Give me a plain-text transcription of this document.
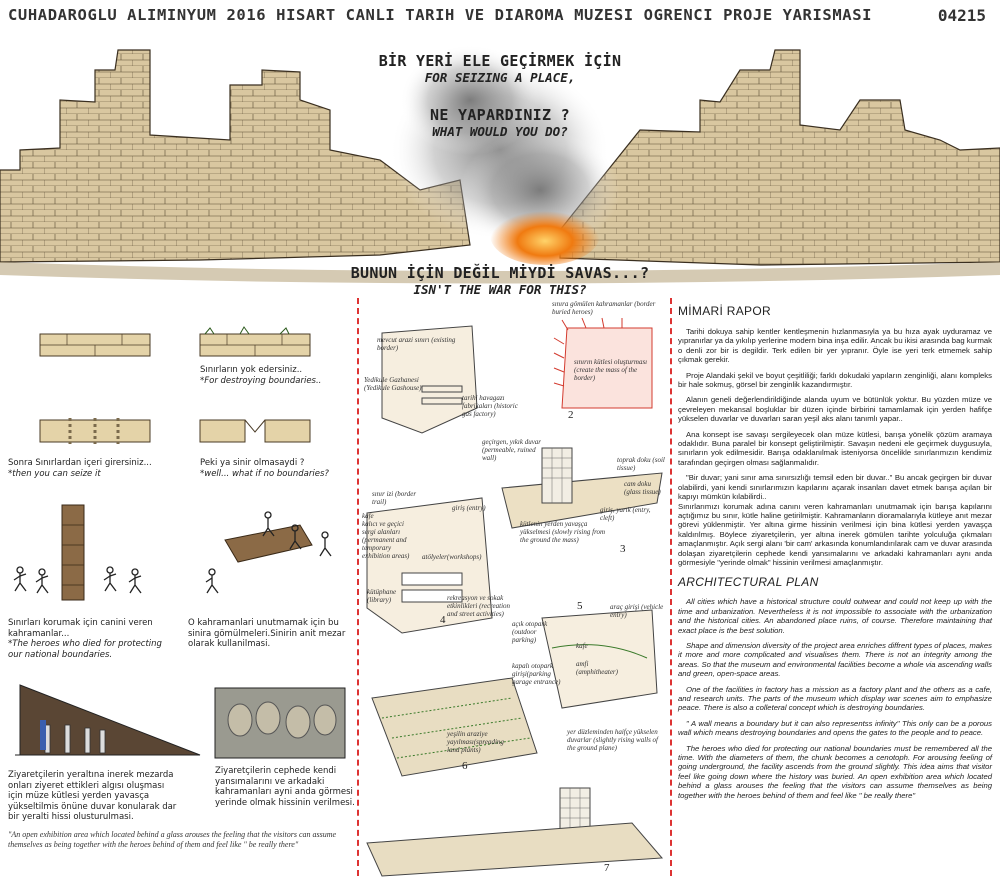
CUHADAROGLU ALIMINYUM 2016 HISART CANLI TARIH VE DIAROMA MUZESI OGRENCI PROJE YARISMASI	04215
BİR YERİ ELE GEÇİRMEK İÇİN
FOR SEIZING A PLACE,
NE YAPARDINIZ ?
WHAT WOULD YOU DO?
BUNUN İÇİN DEĞİL MİYDİ SAVAS...?
ISN'T THE WAR FOR THIS?
Sınırların yok edersiniz..
*For destroying boundaries..
Sonra Sınırlardan içeri girersiniz...
*then you can seize it
Peki ya sinir olmasaydi ?
*well... what if no boundaries?
Sınırları korumak için canini veren kahramanlar...
*The heroes who died for protecting our national boundaries.
O kahramanlari unutmamak için bu sinira gömülmeleri.Sinirin anit mezar olarak kullanilmasi.
Ziyaretçilerin yeraltına inerek mezarda onları ziyeret ettikleri algısı oluşması için müze kütlesi yerden yavasça yükseltilmis önüne duvar konularak dar bir yeralti hissi olusturulmasi.
Ziyaretçilerin cephede kendi yansımalarını ve arkadaki kahramanları ayni anda görmesi yerinde olmak hissinin verilmesi.
"An open exhibition area which located behind a glass arouses the feeling that the visitors can assume themselves as being together with the heroes behind of them and feel like " be really there"
mevcut arazi sınırı (existing border)
Yedikule Gazhanesi (Yedikule Gashouse)
tarihi havagazı fabrikaları (historic gas factory)
sınıra gömülen kahramanlar (border buried heroes)
sınırın kütlesi oluşturması (create the mass of the border)
2
geçirgen, yıkık duvar (permeable, ruined wall)	toprak doku (soil tissue)
cam doku (glass tissue)
giriş, yarık (entry, cleft)
kütlenin yerden yavaşça yükselmesi (slowly rising from the ground the mass)
3
sınır izi (border trail)
giriş (entry)
kafe
kalıcı ve geçici sergi alanları (permanent and temporary exhibition areas)	atölyeler(workshops)
kütüphane (library)	rekreasyon ve sokak etkinlikleri (recreation and street activities)
4
araç girişi (vehicle entry)
açık otopark (outdoor parking)
kafe
amfi (amphitheater)
kapalı otopark girişi(parking garage entrance)
5
yeşilin araziye yayılması(spreading land plants)
yer düzleminden haifçe yükselen duvarlar (slightly rising walls of the ground plane)
6
7
MİMARİ RAPOR

Tarihi dokuya sahip kentler kentleşmenin hızlanmasıyla ya bu hıza ayak uyduramaz ve yıpranırlar ya da yıkılıp yerlerine modern bina inşa edilir. Ancak bu ikisi arasında bag kurmak o denli zor bir is degildir. Terk edilen bir yer yıpranır. Öyle ise yeri terk etmemek sahip çıkmak gerekir.

Proje Alandaki şekil ve boyut çeşitliliği; farklı dokudaki yapıların zenginliği, alanı kompleks bir hale sokmuş, görsel bir zenginlik kazandırmıştır.

Alanın geneli değerlendirildiğinde alanda uyum ve bütünlük yoktur. Bu yüzden müze ve çevreleyen mekansal boşluklar bir düzen içinde birbirini tamamlamak için yerden hafifçe yükselen duvarlar ve duvarları saran yeşil aks alanı tanımlı yapar..

Ana konsept ise savaşı sergileyecek olan müze kütlesi, barışa yönelik çözüm aramaya odaklıdır. Buna paralel bir konsept geliştirilmiştir. Savaşın nedeni ele geçirmek duygusuyla, sınırların yok edilmesidir. Barışa odaklanılmak isteniyorsa öncelikle sınırlarımızın kendimiz tarafından geçirgen olması sağlanmalıdır.

"Bir duvar; yani sınır ama sınırsızlığı temsil eden bir duvar.." Bu ancak geçirgen bir duvar olabilirdi, yani kendi sınırlarımızın kapılarını açarak insanları davet etmek barışa açılan bir kapıyı mümkün kılabilirdi..

Sınırlarımızı korumak adına canını veren kahramanları unutmamak için barışa kapılarını açtığımız bu sınır, kütle haline getirilmiştir. Kahramanların dioramalarıyla kütleye anıt mezar görevi yüklenmiştir. Yer altına girme hissinin verilmesi için bina kütlesi yerden yavaşça kaldırılmış. Böylece ziyaretçilerin, yer altına inerek gömülen tarihte yolculuğa çıkmaları amaçlanmıştır. Açık sergi alanı 'bir cam' arkasında konumlandırılarak cam ve duvar arasında dolaşan ziyaretçilerin cephede kendi yansımalarını ve arkadaki kahramanları aynı anda görmesiyle "yerinde olmak" hissinin verilmesi amaçlanmıştır.

ARCHITECTURAL PLAN

All cities which have a historical structure could outwear and could not keep up with the time and urbanization. Nevertheless it is not impossible to associate with the urbanization and the historical cities. An abandoned place ruins, of course. Therefore maintaining that exact place is the best solution.

Shape and dimension diversity of the project area enriches diffrent types of places, makes it more and more complicated and visualises them. There is not an integrity among the areas. So that the museum and environmental facilities become a whole via ascending walls and green, open-space areas.

One of the facilities in factory has a mission as a factory plant and the others as a cafe, and research units. The parts of the museum which display war scenes aim to emphasize peace. There is also a colleteral concept which is destroying boundaries.

" A wall means a boundary but it can also representss infinity" This only can be a porous wall which means destroying boundaries and opens the gates to the people and to peace.

The heroes who died for protecting our national boundaries must be remembered all the time. With the diameters of them, the chunk becomes a cenotoph. For arousing feeling of going underground, the facility ascends from the ground slightly. This idea aims that visitor feel like going down where the history was buried. An open exhibition area which located behind a glass arouses the feeling that the visitors can assume themselves as being together with the heroes behind of them and feel like " be really there"
